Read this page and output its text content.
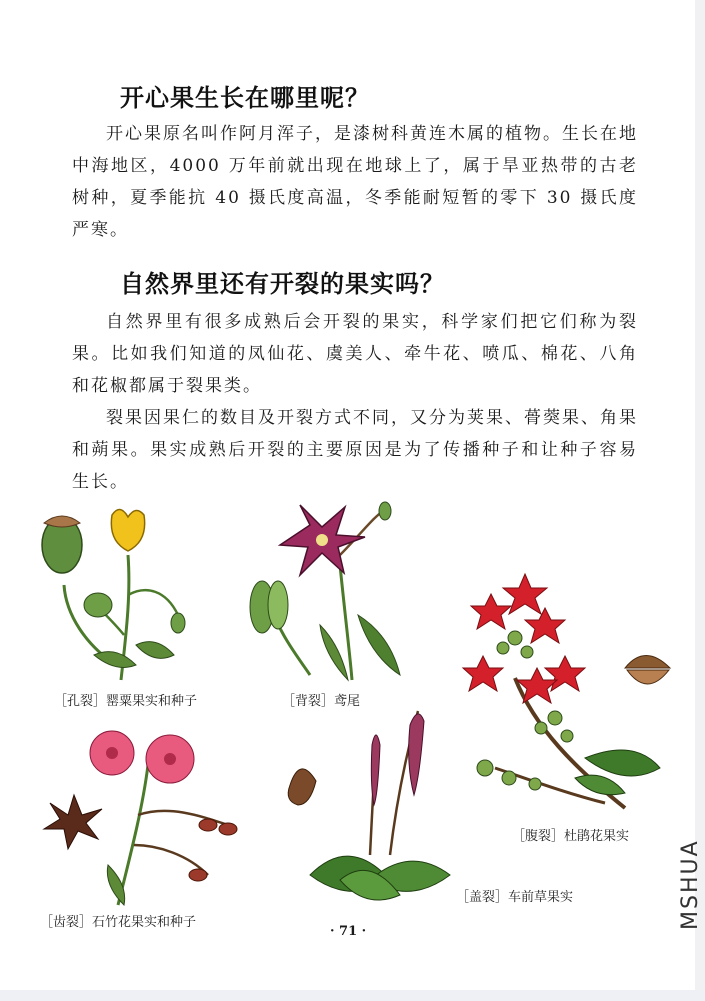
开心果生长在哪里呢？

开心果原名叫作阿月浑子，是漆树科黄连木属的植物。生长在地中海地区，4000 万年前就出现在地球上了，属于旱亚热带的古老树种，夏季能抗 40 摄氏度高温，冬季能耐短暂的零下 30 摄氏度严寒。

自然界里还有开裂的果实吗？

自然界里有很多成熟后会开裂的果实，科学家们把它们称为裂果。比如我们知道的凤仙花、虞美人、牵牛花、喷瓜、棉花、八角和花椒都属于裂果类。

裂果因果仁的数目及开裂方式不同，又分为荚果、蓇葖果、角果和蒴果。果实成熟后开裂的主要原因是为了传播种子和让种子容易生长。

［孔裂］罂粟果实和种子	［背裂］鸢尾

［腹裂］杜鹃花果实

［盖裂］车前草果实

［齿裂］石竹花果实和种子

· 71 ·

MSHUA
